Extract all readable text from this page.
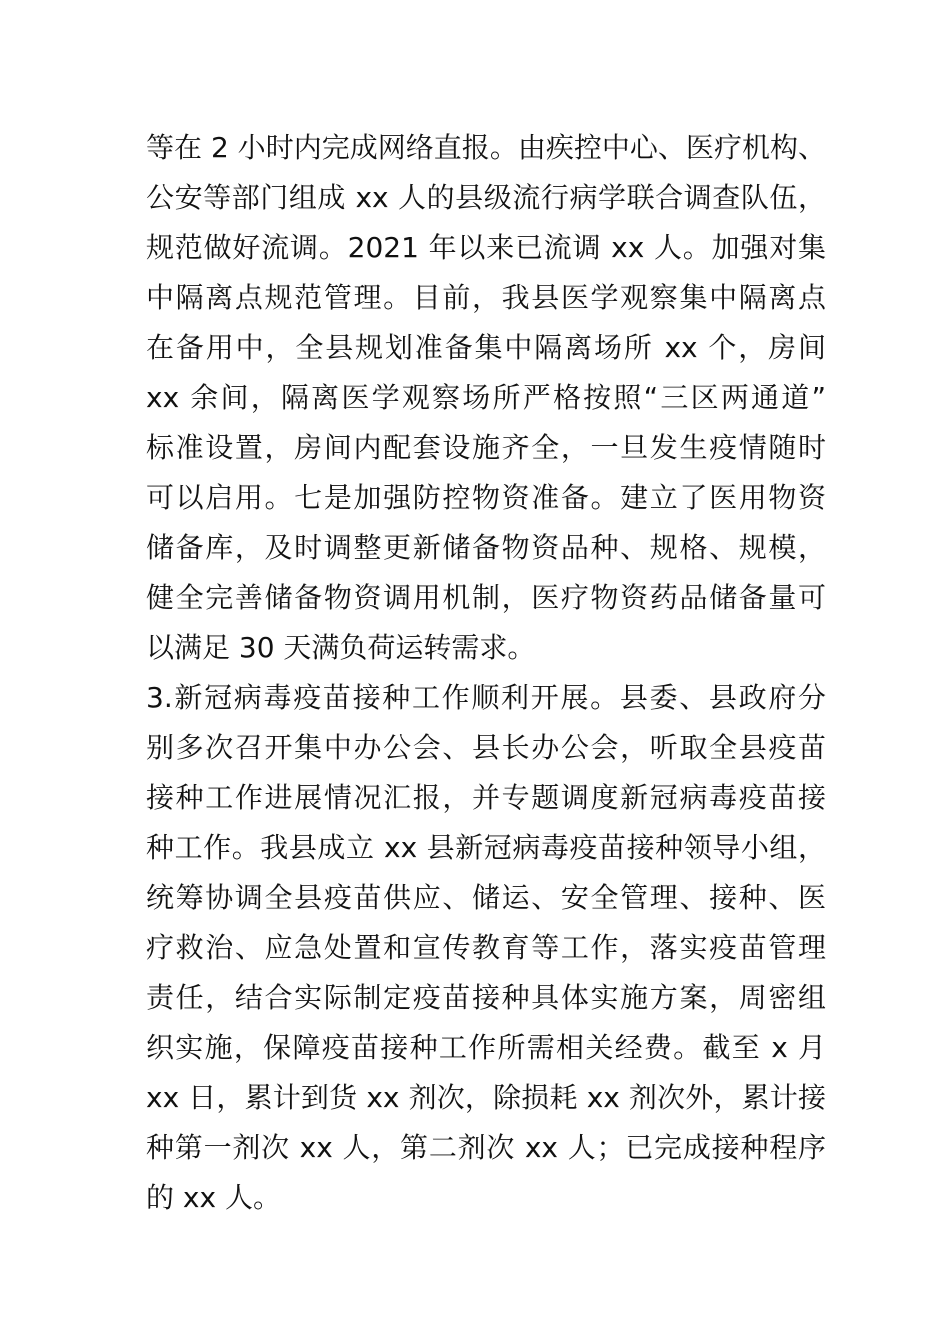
等在 2 小时内完成网络直报。由疾控中心、医疗机构、
公安等部门组成 xx 人的县级流行病学联合调查队伍，
规范做好流调。2021 年以来已流调 xx 人。加强对集
中隔离点规范管理。目前，我县医学观察集中隔离点
在备用中，全县规划准备集中隔离场所 xx 个，房间
xx 余间，隔离医学观察场所严格按照“三区两通道”
标准设置，房间内配套设施齐全，一旦发生疫情随时
可以启用。七是加强防控物资准备。建立了医用物资
储备库，及时调整更新储备物资品种、规格、规模，
健全完善储备物资调用机制，医疗物资药品储备量可
以满足 30 天满负荷运转需求。
3.新冠病毒疫苗接种工作顺利开展。县委、县政府分
别多次召开集中办公会、县长办公会，听取全县疫苗
接种工作进展情况汇报，并专题调度新冠病毒疫苗接
种工作。我县成立 xx 县新冠病毒疫苗接种领导小组，
统筹协调全县疫苗供应、储运、安全管理、接种、医
疗救治、应急处置和宣传教育等工作，落实疫苗管理
责任，结合实际制定疫苗接种具体实施方案，周密组
织实施，保障疫苗接种工作所需相关经费。截至 x 月
xx 日，累计到货 xx 剂次，除损耗 xx 剂次外，累计接
种第一剂次 xx 人，第二剂次 xx 人；已完成接种程序
的 xx 人。
